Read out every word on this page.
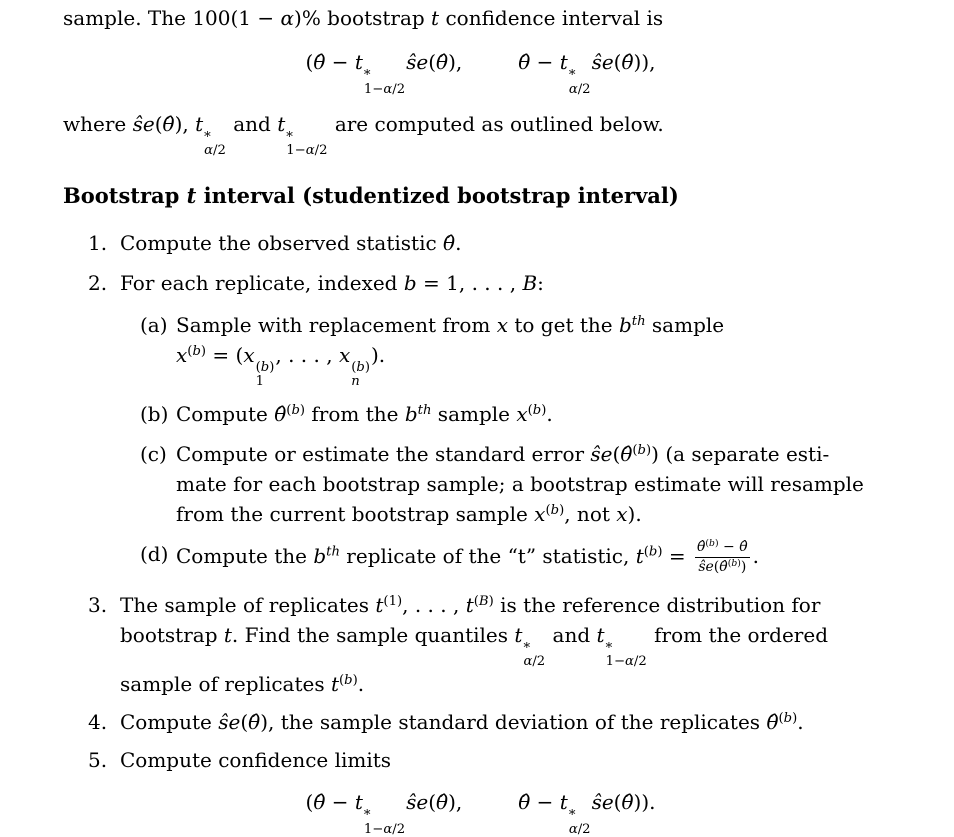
sample. The 100(1 − α)% bootstrap t confidence interval is

(θ̂ − t
*
1−α/2
ŝe(θ̂),	θ̂ − t
*
α/2
ŝe(θ̂)),

where ŝe(θ̂), t
*
α/2
and t
*
1−α/2
are computed as outlined below.

Bootstrap t interval (studentized bootstrap interval)
1. Compute the observed statistic θ̂.
2. For each replicate, indexed b = 1, . . . , B:
(a) Sample with replacement from x to get the $b^{th}$ sample
$x^{(b)} = (x$
(b)
1
, . . . , x
(b)
n
).
(b) Compute θ̂$^{(b)}$ from the $b^{th}$ sample $x^{(b)}$.
(c) Compute or estimate the standard error ŝe(θ̂$^{(b)}$) (a separate esti-
mate for each bootstrap sample; a bootstrap estimate will resample
from the current bootstrap sample $x^{(b)}$, not x).
(d) Compute the $b^{th}$ replicate of the “t” statistic, $t^{(b)} = \frac{\thetâ^{(b)} - \thetâ}{ŝe(\thetâ^{(b)})}$ .
3. The sample of replicates $t^{(1)}$, . . . , $t^{(B)}$ is the reference distribution for
bootstrap t. Find the sample quantiles t
*
α/2
and t
*
1−α/2
from the ordered
sample of replicates $t^{(b)}$.
4. Compute ŝe(θ̂), the sample standard deviation of the replicates θ̂$^{(b)}$.
5. Compute confidence limits
(θ̂ − t
*
1−α/2
ŝe(θ̂),	θ̂ − t
*
α/2
ŝe(θ̂)).
